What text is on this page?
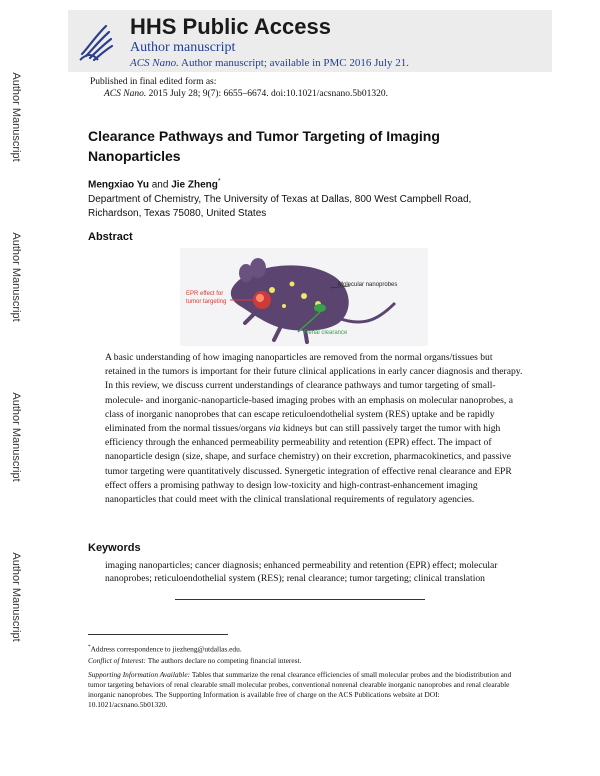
Author Manuscript
Author Manuscript
Author Manuscript
Author Manuscript
HHS Public Access
Author manuscript
ACS Nano. Author manuscript; available in PMC 2016 July 21.
Published in final edited form as:
ACS Nano. 2015 July 28; 9(7): 6655–6674. doi:10.1021/acsnano.5b01320.
Clearance Pathways and Tumor Targeting of Imaging Nanoparticles
Mengxiao Yu and Jie Zheng*
Department of Chemistry, The University of Texas at Dallas, 800 West Campbell Road, Richardson, Texas 75080, United States
Abstract
EPR effect for
tumor targeting
Molecular nanoprobes
Renal clearance
A basic understanding of how imaging nanoparticles are removed from the normal organs/tissues but retained in the tumors is important for their future clinical applications in early cancer diagnosis and therapy. In this review, we discuss current understandings of clearance pathways and tumor targeting of small-molecule- and inorganic-nanoparticle-based imaging probes with an emphasis on molecular nanoprobes, a class of inorganic nanoprobes that can escape reticuloendothelial system (RES) uptake and be rapidly eliminated from the normal tissues/organs via kidneys but can still passively target the tumor with high efficiency through the enhanced permeability permeability and retention (EPR) effect. The impact of nanoparticle design (size, shape, and surface chemistry) on their excretion, pharmacokinetics, and passive tumor targeting were quantitatively discussed. Synergetic integration of effective renal clearance and EPR effect offers a promising pathway to design low-toxicity and high-contrast-enhancement imaging nanoparticles that could meet with the clinical translational requirements of regulatory agencies.
Keywords
imaging nanoparticles; cancer diagnosis; enhanced permeability and retention (EPR) effect; molecular nanoprobes; reticuloendothelial system (RES); renal clearance; tumor targeting; clinical translation
*Address correspondence to jiezheng@utdallas.edu.
Conflict of Interest: The authors declare no competing financial interest.
Supporting Information Available: Tables that summarize the renal clearance efficiencies of small molecular probes and the biodistribution and tumor targeting behaviors of renal clearable small molecular probes, conventional nonrenal clearable inorganic nanoprobes and renal clearable inorganic nanoprobes. The Supporting Information is available free of charge on the ACS Publications website at DOI: 10.1021/acsnano.5b01320.
